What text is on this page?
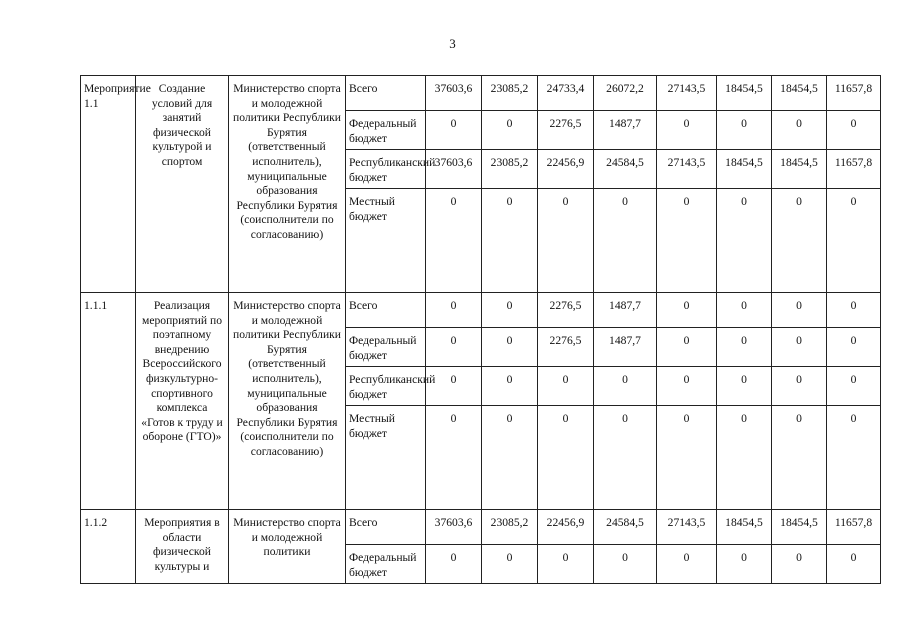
3
Мероприятие 1.1	Создание условий для занятий физической культурой и спортом	Министерство спорта и молодежной политики Республики Бурятия (ответственный исполнитель), муниципальные образования Республики Бурятия (соисполнители по согласованию)	Всего	37603,6	23085,2	24733,4	26072,2	27143,5	18454,5	18454,5	11657,8
			Федеральный бюджет	0	0	2276,5	1487,7	0	0	0	0
			Республиканский бюджет	37603,6	23085,2	22456,9	24584,5	27143,5	18454,5	18454,5	11657,8
			Местный бюджет	0	0	0	0	0	0	0	0
1.1.1	Реализация мероприятий по поэтапному внедрению Всероссийского физкультурно-спортивного комплекса «Готов к труду и обороне (ГТО)»	Министерство спорта и молодежной политики Республики Бурятия (ответственный исполнитель), муниципальные образования Республики Бурятия (соисполнители по согласованию)	Всего	0	0	2276,5	1487,7	0	0	0	0
			Федеральный бюджет	0	0	2276,5	1487,7	0	0	0	0
			Республиканский бюджет	0	0	0	0	0	0	0	0
			Местный бюджет	0	0	0	0	0	0	0	0
1.1.2	Мероприятия в области физической культуры и	Министерство спорта и молодежной политики	Всего	37603,6	23085,2	22456,9	24584,5	27143,5	18454,5	18454,5	11657,8
			Федеральный бюджет	0	0	0	0	0	0	0	0
